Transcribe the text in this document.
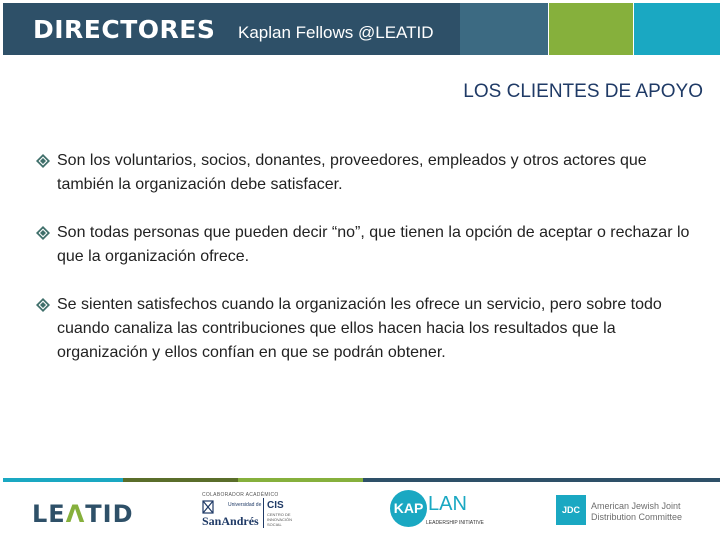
DIRECTORES Kaplan Fellows @LEATID
LOS CLIENTES DE APOYO
Son los voluntarios, socios, donantes, proveedores, empleados y otros actores que también la organización debe satisfacer.
Son todas personas que pueden decir “no”, que tienen la opción de aceptar o rechazar lo que la organización ofrece.
Se sienten satisfechos cuando la organización les ofrece un servicio, pero sobre todo cuando canaliza las contribuciones que ellos hacen hacia los resultados que la organización y ellos confían en que se podrán obtener.
LEΛTID
COLABORADOR ACADÉMICO
Universidad de
SanAndrés
CIS
CENTRO DE INNOVACIÓN SOCIAL
KAP LAN
LEADERSHIP INITIATIVE
JDC	American Jewish Joint
Distribution Committee
